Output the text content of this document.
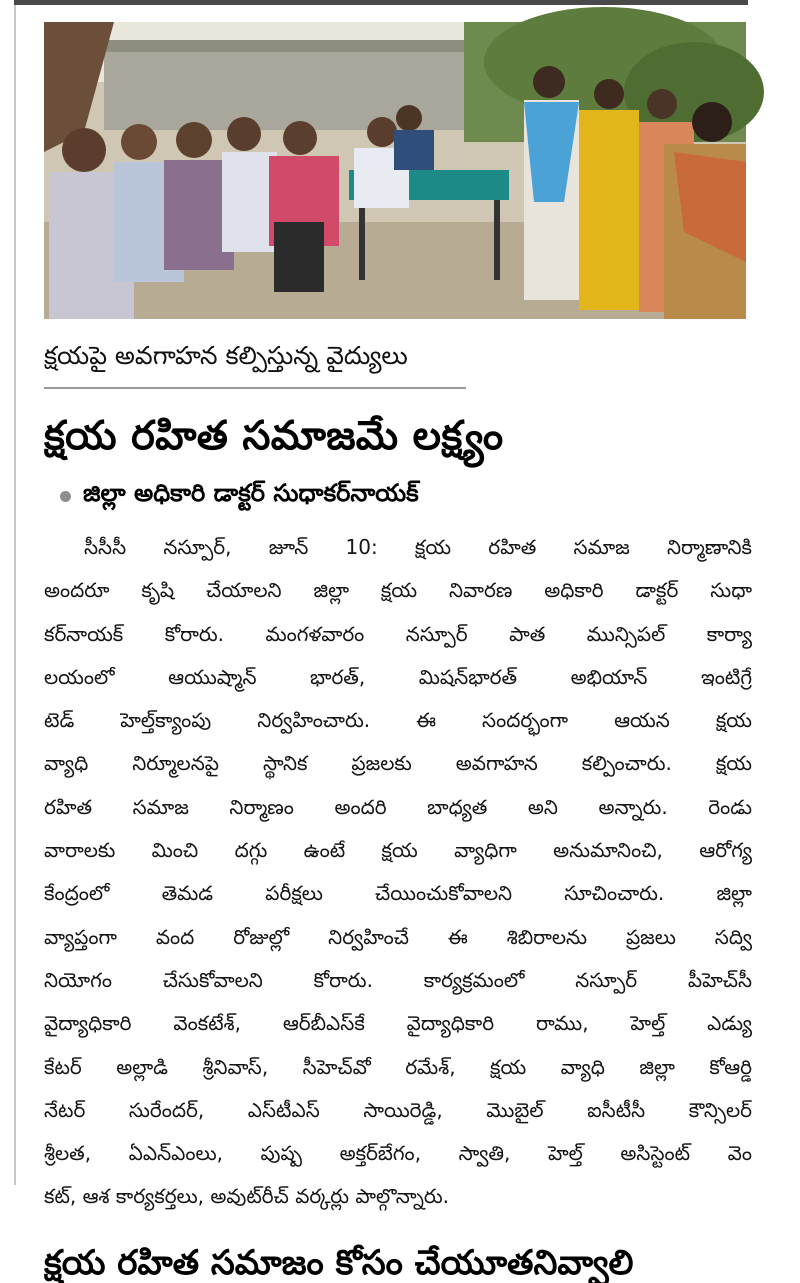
క్షయపై అవగాహన కల్పిస్తున్న వైద్యులు
క్షయ రహిత సమాజమే లక్ష్యం
జిల్లా అధికారి డాక్టర్ సుధాకర్‌నాయక్
సీసీసీ నస్పూర్, జూన్ 10: క్షయ రహిత సమాజ నిర్మాణానికి
అందరూ కృషి చేయాలని జిల్లా క్షయ నివారణ అధికారి డాక్టర్ సుధా
కర్‌నాయక్ కోరారు. మంగళవారం నస్పూర్ పాత మున్సిపల్ కార్యా
లయంలో ఆయుష్మాన్ భారత్, మిషన్‌భారత్ అభియాన్ ఇంటిగ్రే
టెడ్ హెల్త్‌క్యాంపు నిర్వహించారు. ఈ సందర్భంగా ఆయన క్షయ
వ్యాధి నిర్మూలనపై స్థానిక ప్రజలకు అవగాహన కల్పించారు. క్షయ
రహిత సమాజ నిర్మాణం అందరి బాధ్యత అని అన్నారు. రెండు
వారాలకు మించి దగ్గు ఉంటే క్షయ వ్యాధిగా అనుమానించి, ఆరోగ్య
కేంద్రంలో తెమడ పరీక్షలు చేయించుకోవాలని సూచించారు. జిల్లా
వ్యాప్తంగా వంద రోజుల్లో నిర్వహించే ఈ శిబిరాలను ప్రజలు సద్వి
నియోగం చేసుకోవాలని కోరారు. కార్యక్రమంలో నస్పూర్ పీహెచ్‌సీ
వైద్యాధికారి వెంకటేశ్, ఆర్‌బీఎస్‌కే వైద్యాధికారి రాము, హెల్త్ ఎడ్యు
కేటర్ అల్లాడి శ్రీనివాస్, సీహెచ్‌వో రమేశ్, క్షయ వ్యాధి జిల్లా కోఆర్డి
నేటర్ సురేందర్, ఎస్‌టీఎస్ సాయిరెడ్డి, మొబైల్ ఐసీటీసీ కౌన్సిలర్
శ్రీలత, ఏఎన్ఎంలు, పుష్ప అక్తర్‌బేగం, స్వాతి, హెల్త్ అసిస్టెంట్ వెం
కట్, ఆశ కార్యకర్తలు, అవుట్‌రీచ్ వర్కర్లు పాల్గొన్నారు.
క్షయ రహిత సమాజం కోసం చేయూతనివ్వాలి
